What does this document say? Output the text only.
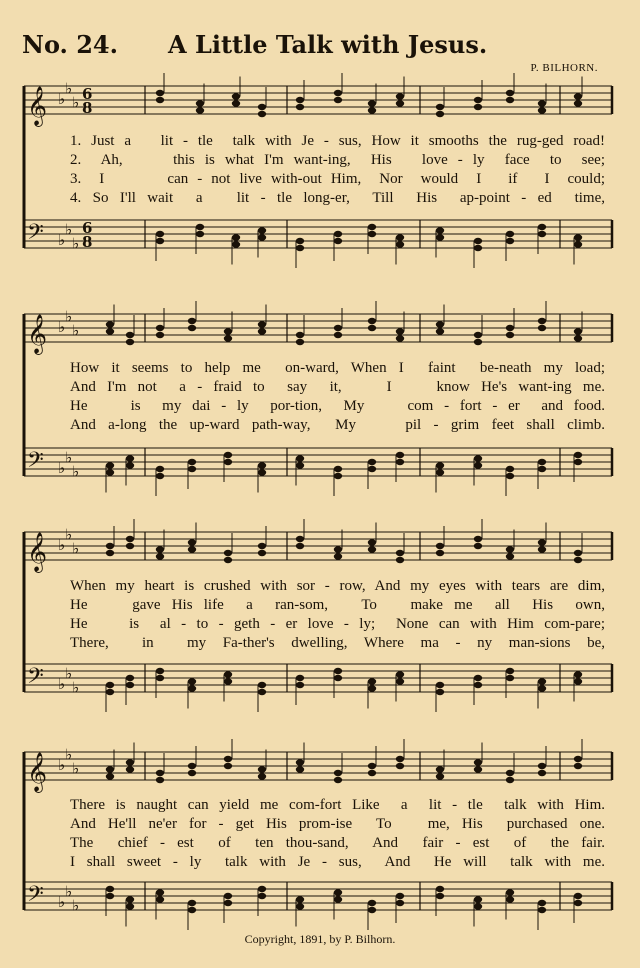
No. 24. A Little Talk with Jesus.
P. BILHORN.
𝄞 ♭
♭
♭ 6
8
𝄢 ♭
♭
♭
6
8
𝄞 ♭
♭
♭
𝄢 ♭
♭
♭
𝄞 ♭
♭
♭
𝄢 ♭
♭
♭
𝄞 ♭
♭
♭
𝄢 ♭
♭
♭
1. Just a   lit - tle  talk with Je - sus, How it smooths the rug-ged road!
2.  Ah,     this is what I'm want-ing,  His   love - ly  face  to  see;
3.  I       can - not live with-out Him,  Nor  would  I   if   I  could;
4. So I'll wait  a   lit - tle long-er,  Till  His  ap-point - ed  time,
How it seems to help me  on-ward, When I  faint  be-neath my load;
And I'm not  a - fraid to  say  it,    I    know He's want-ing me.
He    is  my dai - ly  por-tion,  My    com - fort - er  and food.
And a-long the up-ward path-way,  My    pil - grim feet shall climb.
When my heart is crushed with sor - row, And my eyes with tears are dim,
He    gave His life  a  ran-som,   To   make me  all  His  own,
He    is  al - to - geth - er love - ly;  None can with Him com-pare;
There,  in  my Fa-ther's dwelling, Where ma - ny man-sions be,
There is naught can yield me com-fort Like  a  lit - tle  talk with Him.
And He'll ne'er for - get His prom-ise  To   me, His  purchased one.
The  chief - est  of  ten thou-sand,  And  fair - est  of  the fair.
I shall sweet - ly  talk with Je - sus,  And  He will  talk with me.
Copyright, 1891, by P. Bilhorn.
